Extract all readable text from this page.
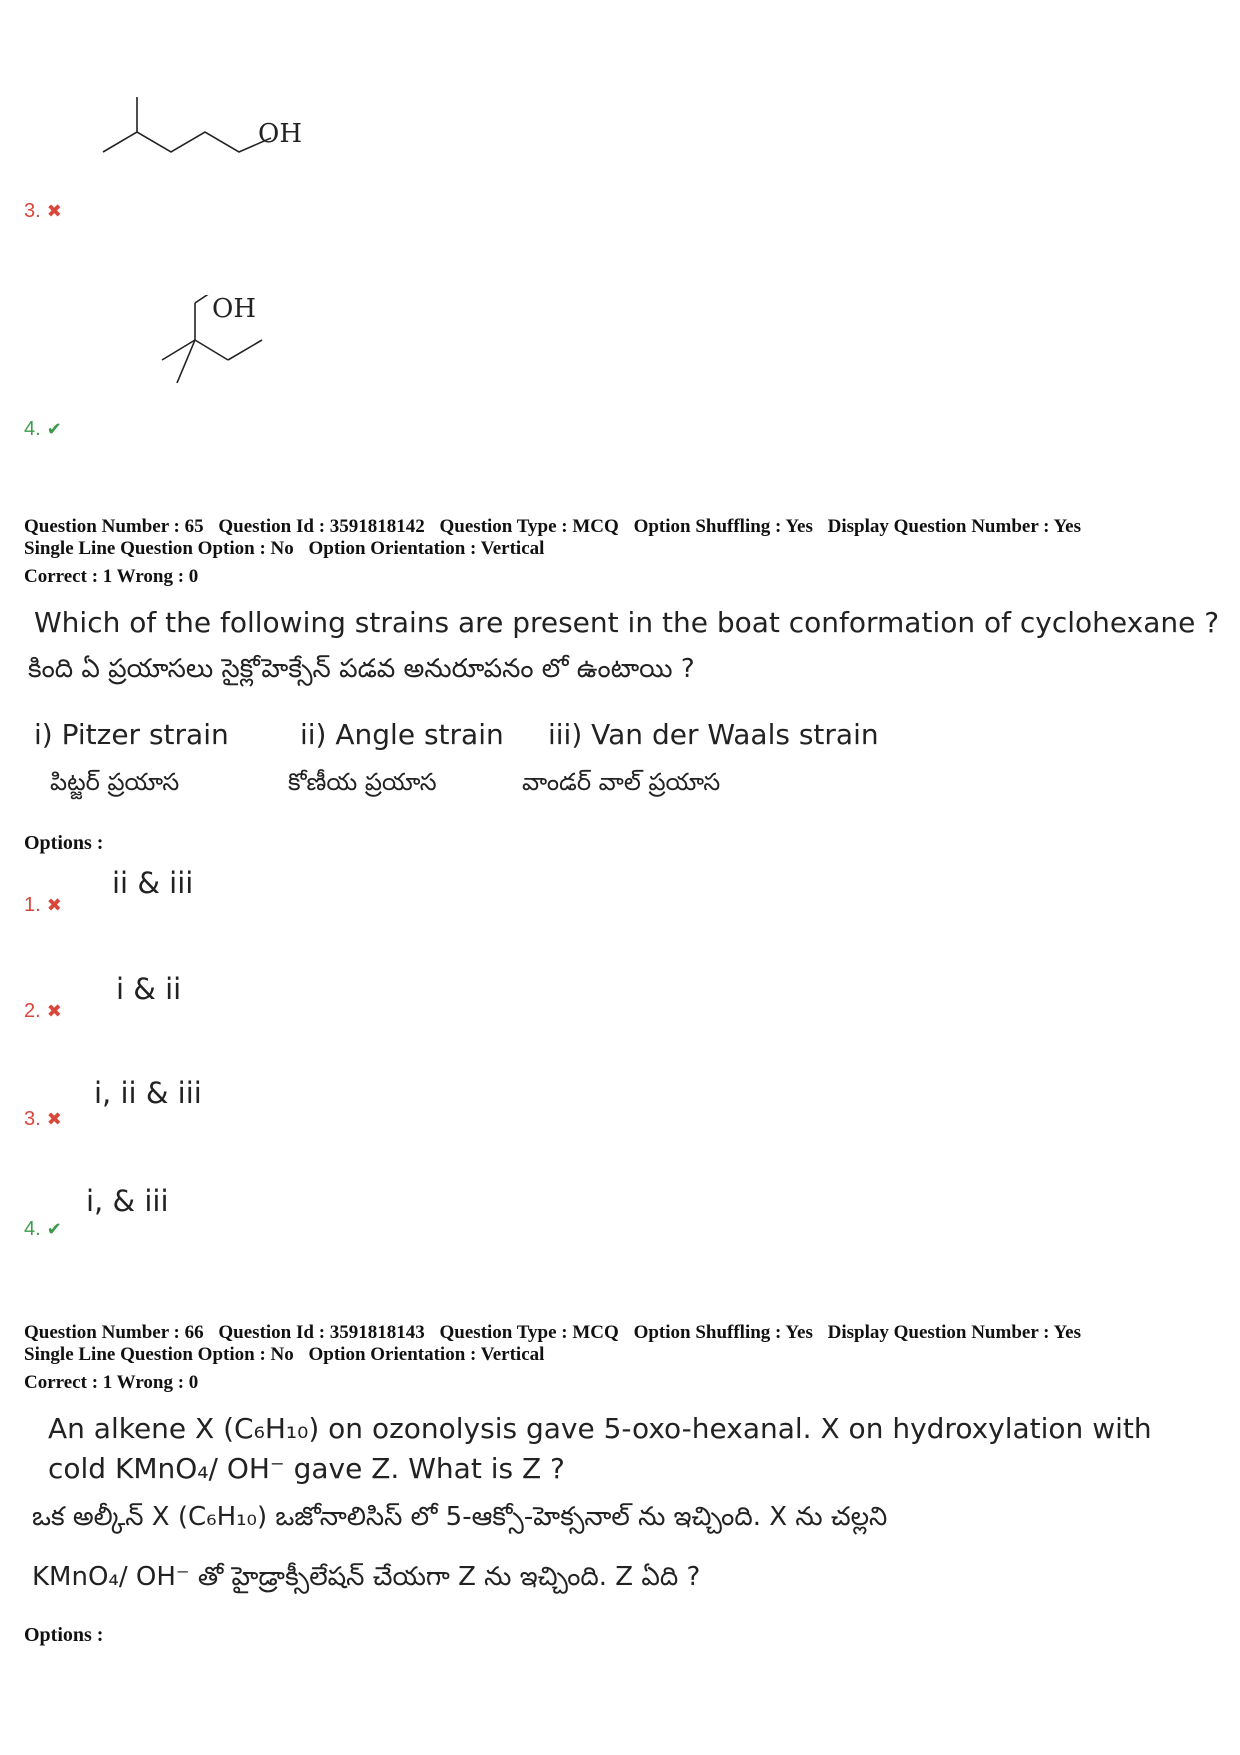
OH
3. ✖
OH
4. ✔
Question Number : 65 Question Id : 3591818142 Question Type : MCQ Option Shuffling : Yes Display Question Number : Yes
Single Line Question Option : No Option Orientation : Vertical
Correct : 1 Wrong : 0
Which of the following strains are present in the boat conformation of cyclohexane ?
కింది ఏ ప్రయాసలు సైక్లోహెక్సేన్ పడవ అనురూపనం లో ఉంటాయి ?
i) Pitzer strain	ii) Angle strain iii) Van der Waals strain
పిట్జర్ ప్రయాస	కోణీయ ప్రయాస	వాండర్ వాల్ ప్రయాస
Options :
ii & iii
1. ✖
i & ii
2. ✖
i, ii & iii
3. ✖
i, & iii
4. ✔
Question Number : 66 Question Id : 3591818143 Question Type : MCQ Option Shuffling : Yes Display Question Number : Yes
Single Line Question Option : No Option Orientation : Vertical
Correct : 1 Wrong : 0
An alkene X (C₆H₁₀) on ozonolysis gave 5-oxo-hexanal. X on hydroxylation with
cold KMnO₄/ OH⁻ gave Z. What is Z ?
ఒక అల్కీన్ X (C₆H₁₀) ఒజోనాలిసిస్ లో 5-ఆక్సో-హెక్సనాల్ ను ఇచ్చింది. X ను చల్లని
KMnO₄/ OH⁻ తో హైడ్రాక్సీలేషన్ చేయగా Z ను ఇచ్చింది. Z ఏది ?
Options :
